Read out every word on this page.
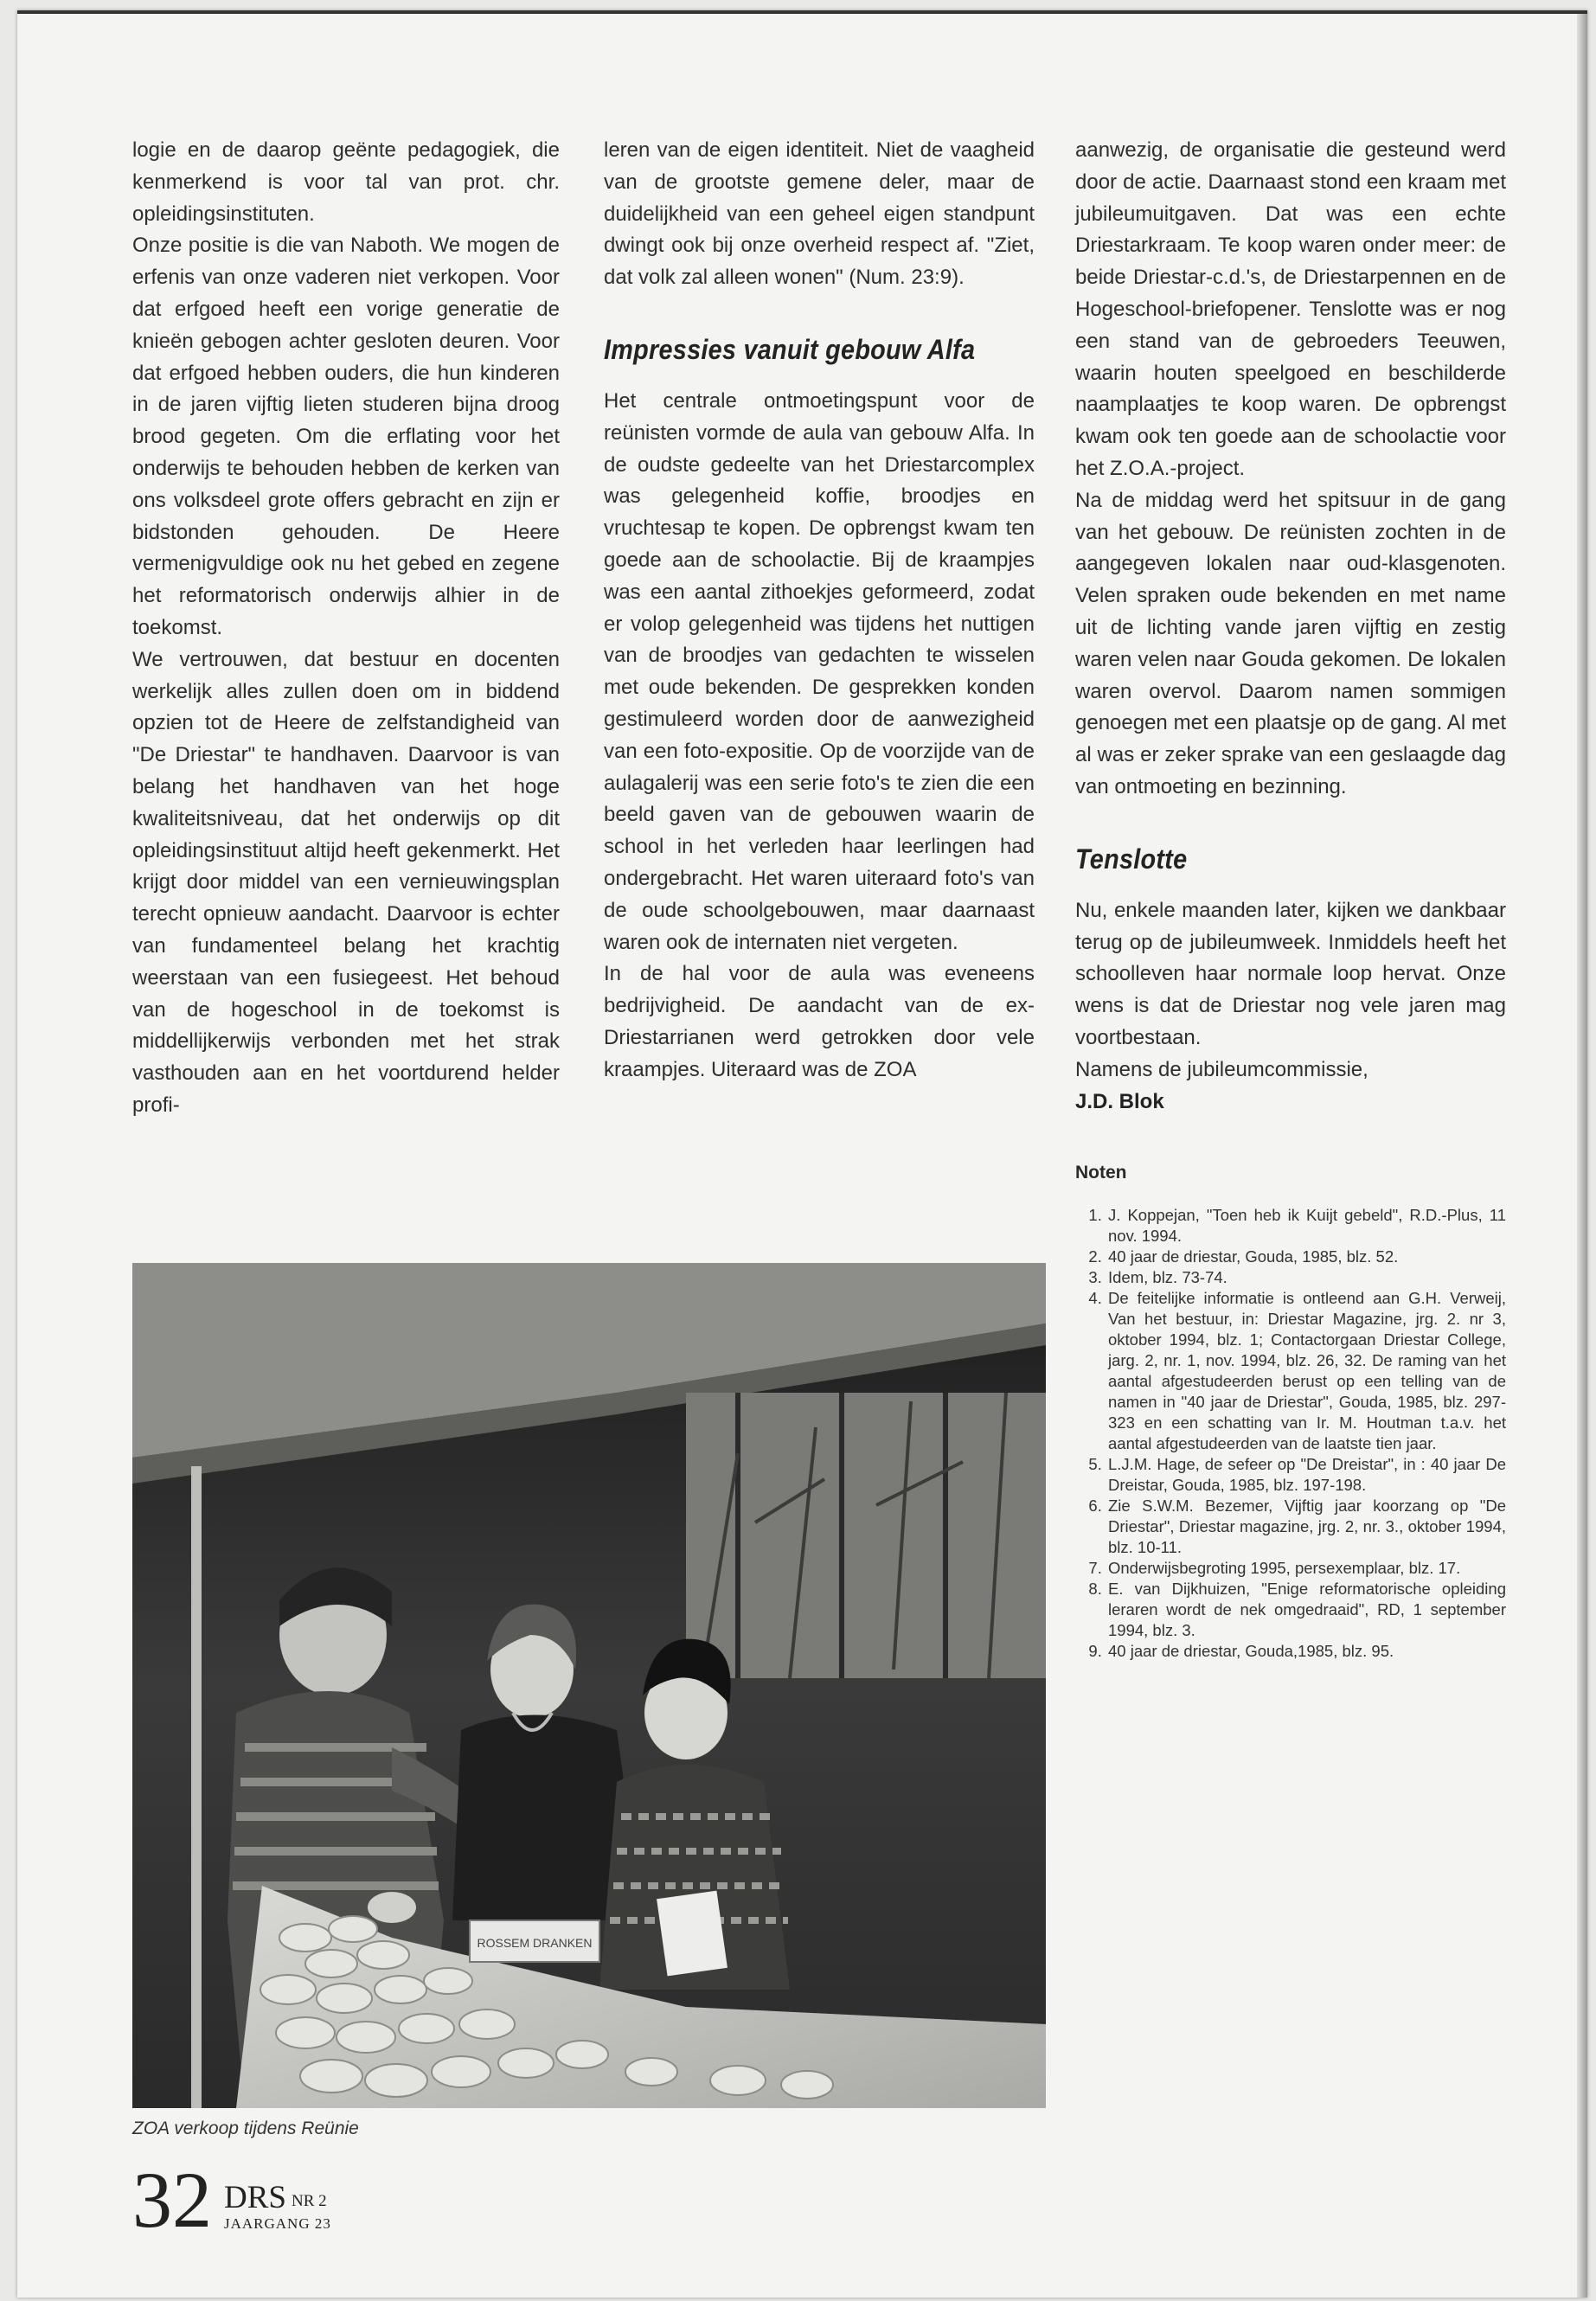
logie en de daarop geënte pedagogiek, die kenmerkend is voor tal van prot. chr. opleidingsinstituten.

Onze positie is die van Naboth. We mogen de erfenis van onze vaderen niet verkopen. Voor dat erfgoed heeft een vorige generatie de knieën gebogen achter gesloten deuren. Voor dat erfgoed hebben ouders, die hun kinderen in de jaren vijftig lieten studeren bijna droog brood gegeten. Om die erflating voor het onderwijs te behouden hebben de kerken van ons volksdeel grote offers gebracht en zijn er bidstonden gehouden. De Heere vermenigvuldige ook nu het gebed en zegene het reformatorisch onderwijs alhier in de toekomst.

We vertrouwen, dat bestuur en docenten werkelijk alles zullen doen om in biddend opzien tot de Heere de zelfstandigheid van "De Driestar" te handhaven. Daarvoor is van belang het handhaven van het hoge kwaliteitsniveau, dat het onderwijs op dit opleidingsinstituut altijd heeft gekenmerkt. Het krijgt door middel van een vernieuwingsplan terecht opnieuw aandacht. Daarvoor is echter van fundamenteel belang het krachtig weerstaan van een fusiegeest. Het behoud van de hogeschool in de toekomst is middellijkerwijs verbonden met het strak vasthouden aan en het voortdurend helder profi-

leren van de eigen identiteit. Niet de vaagheid van de grootste gemene deler, maar de duidelijkheid van een geheel eigen standpunt dwingt ook bij onze overheid respect af. "Ziet, dat volk zal alleen wonen" (Num. 23:9).

Impressies vanuit gebouw Alfa

Het centrale ontmoetingspunt voor de reünisten vormde de aula van gebouw Alfa. In de oudste gedeelte van het Driestarcomplex was gelegenheid koffie, broodjes en vruchtesap te kopen. De opbrengst kwam ten goede aan de schoolactie. Bij de kraampjes was een aantal zithoekjes geformeerd, zodat er volop gelegenheid was tijdens het nuttigen van de broodjes van gedachten te wisselen met oude bekenden. De gesprekken konden gestimuleerd worden door de aanwezigheid van een foto-expositie. Op de voorzijde van de aulagalerij was een serie foto's te zien die een beeld gaven van de gebouwen waarin de school in het verleden haar leerlingen had ondergebracht. Het waren uiteraard foto's van de oude schoolgebouwen, maar daarnaast waren ook de internaten niet vergeten.

In de hal voor de aula was eveneens bedrijvigheid. De aandacht van de ex-Driestarrianen werd getrokken door vele kraampjes. Uiteraard was de ZOA

aanwezig, de organisatie die gesteund werd door de actie. Daarnaast stond een kraam met jubileumuitgaven. Dat was een echte Driestarkraam. Te koop waren onder meer: de beide Driestar-c.d.'s, de Driestarpennen en de Hogeschool-briefopener. Tenslotte was er nog een stand van de gebroeders Teeuwen, waarin houten speelgoed en beschilderde naamplaatjes te koop waren. De opbrengst kwam ook ten goede aan de schoolactie voor het Z.O.A.-project.

Na de middag werd het spitsuur in de gang van het gebouw. De reünisten zochten in de aangegeven lokalen naar oud-klasgenoten. Velen spraken oude bekenden en met name uit de lichting vande jaren vijftig en zestig waren velen naar Gouda gekomen. De lokalen waren overvol. Daarom namen sommigen genoegen met een plaatsje op de gang. Al met al was er zeker sprake van een geslaagde dag van ontmoeting en bezinning.

Tenslotte

Nu, enkele maanden later, kijken we dankbaar terug op de jubileumweek. Inmiddels heeft het schoolleven haar normale loop hervat. Onze wens is dat de Driestar nog vele jaren mag voortbestaan.

Namens de jubileumcommissie,

J.D. Blok

Noten
1. J. Koppejan, "Toen heb ik Kuijt gebeld", R.D.-Plus, 11 nov. 1994.
2. 40 jaar de driestar, Gouda, 1985, blz. 52.
3. Idem, blz. 73-74.
4. De feitelijke informatie is ontleend aan G.H. Verweij, Van het bestuur, in: Driestar Magazine, jrg. 2. nr 3, oktober 1994, blz. 1; Contactorgaan Driestar College, jarg. 2, nr. 1, nov. 1994, blz. 26, 32. De raming van het aantal afgestudeerden berust op een telling van de namen in "40 jaar de Driestar", Gouda, 1985, blz. 297-323 en een schatting van Ir. M. Houtman t.a.v. het aantal afgestudeerden van de laatste tien jaar.
5. L.J.M. Hage, de sefeer op "De Dreistar", in : 40 jaar De Dreistar, Gouda, 1985, blz. 197-198.
6. Zie S.W.M. Bezemer, Vijftig jaar koorzang op "De Driestar", Driestar magazine, jrg. 2, nr. 3., oktober 1994, blz. 10-11.
7. Onderwijsbegroting 1995, persexemplaar, blz. 17.
8. E. van Dijkhuizen, "Enige reformatorische opleiding leraren wordt de nek omgedraaid", RD, 1 september 1994, blz. 3.
9. 40 jaar de driestar, Gouda,1985, blz. 95.
ROSSEM DRANKEN
ZOA verkoop tijdens Reünie
32 DRS $^{NR 2}$
JAARGANG 23
